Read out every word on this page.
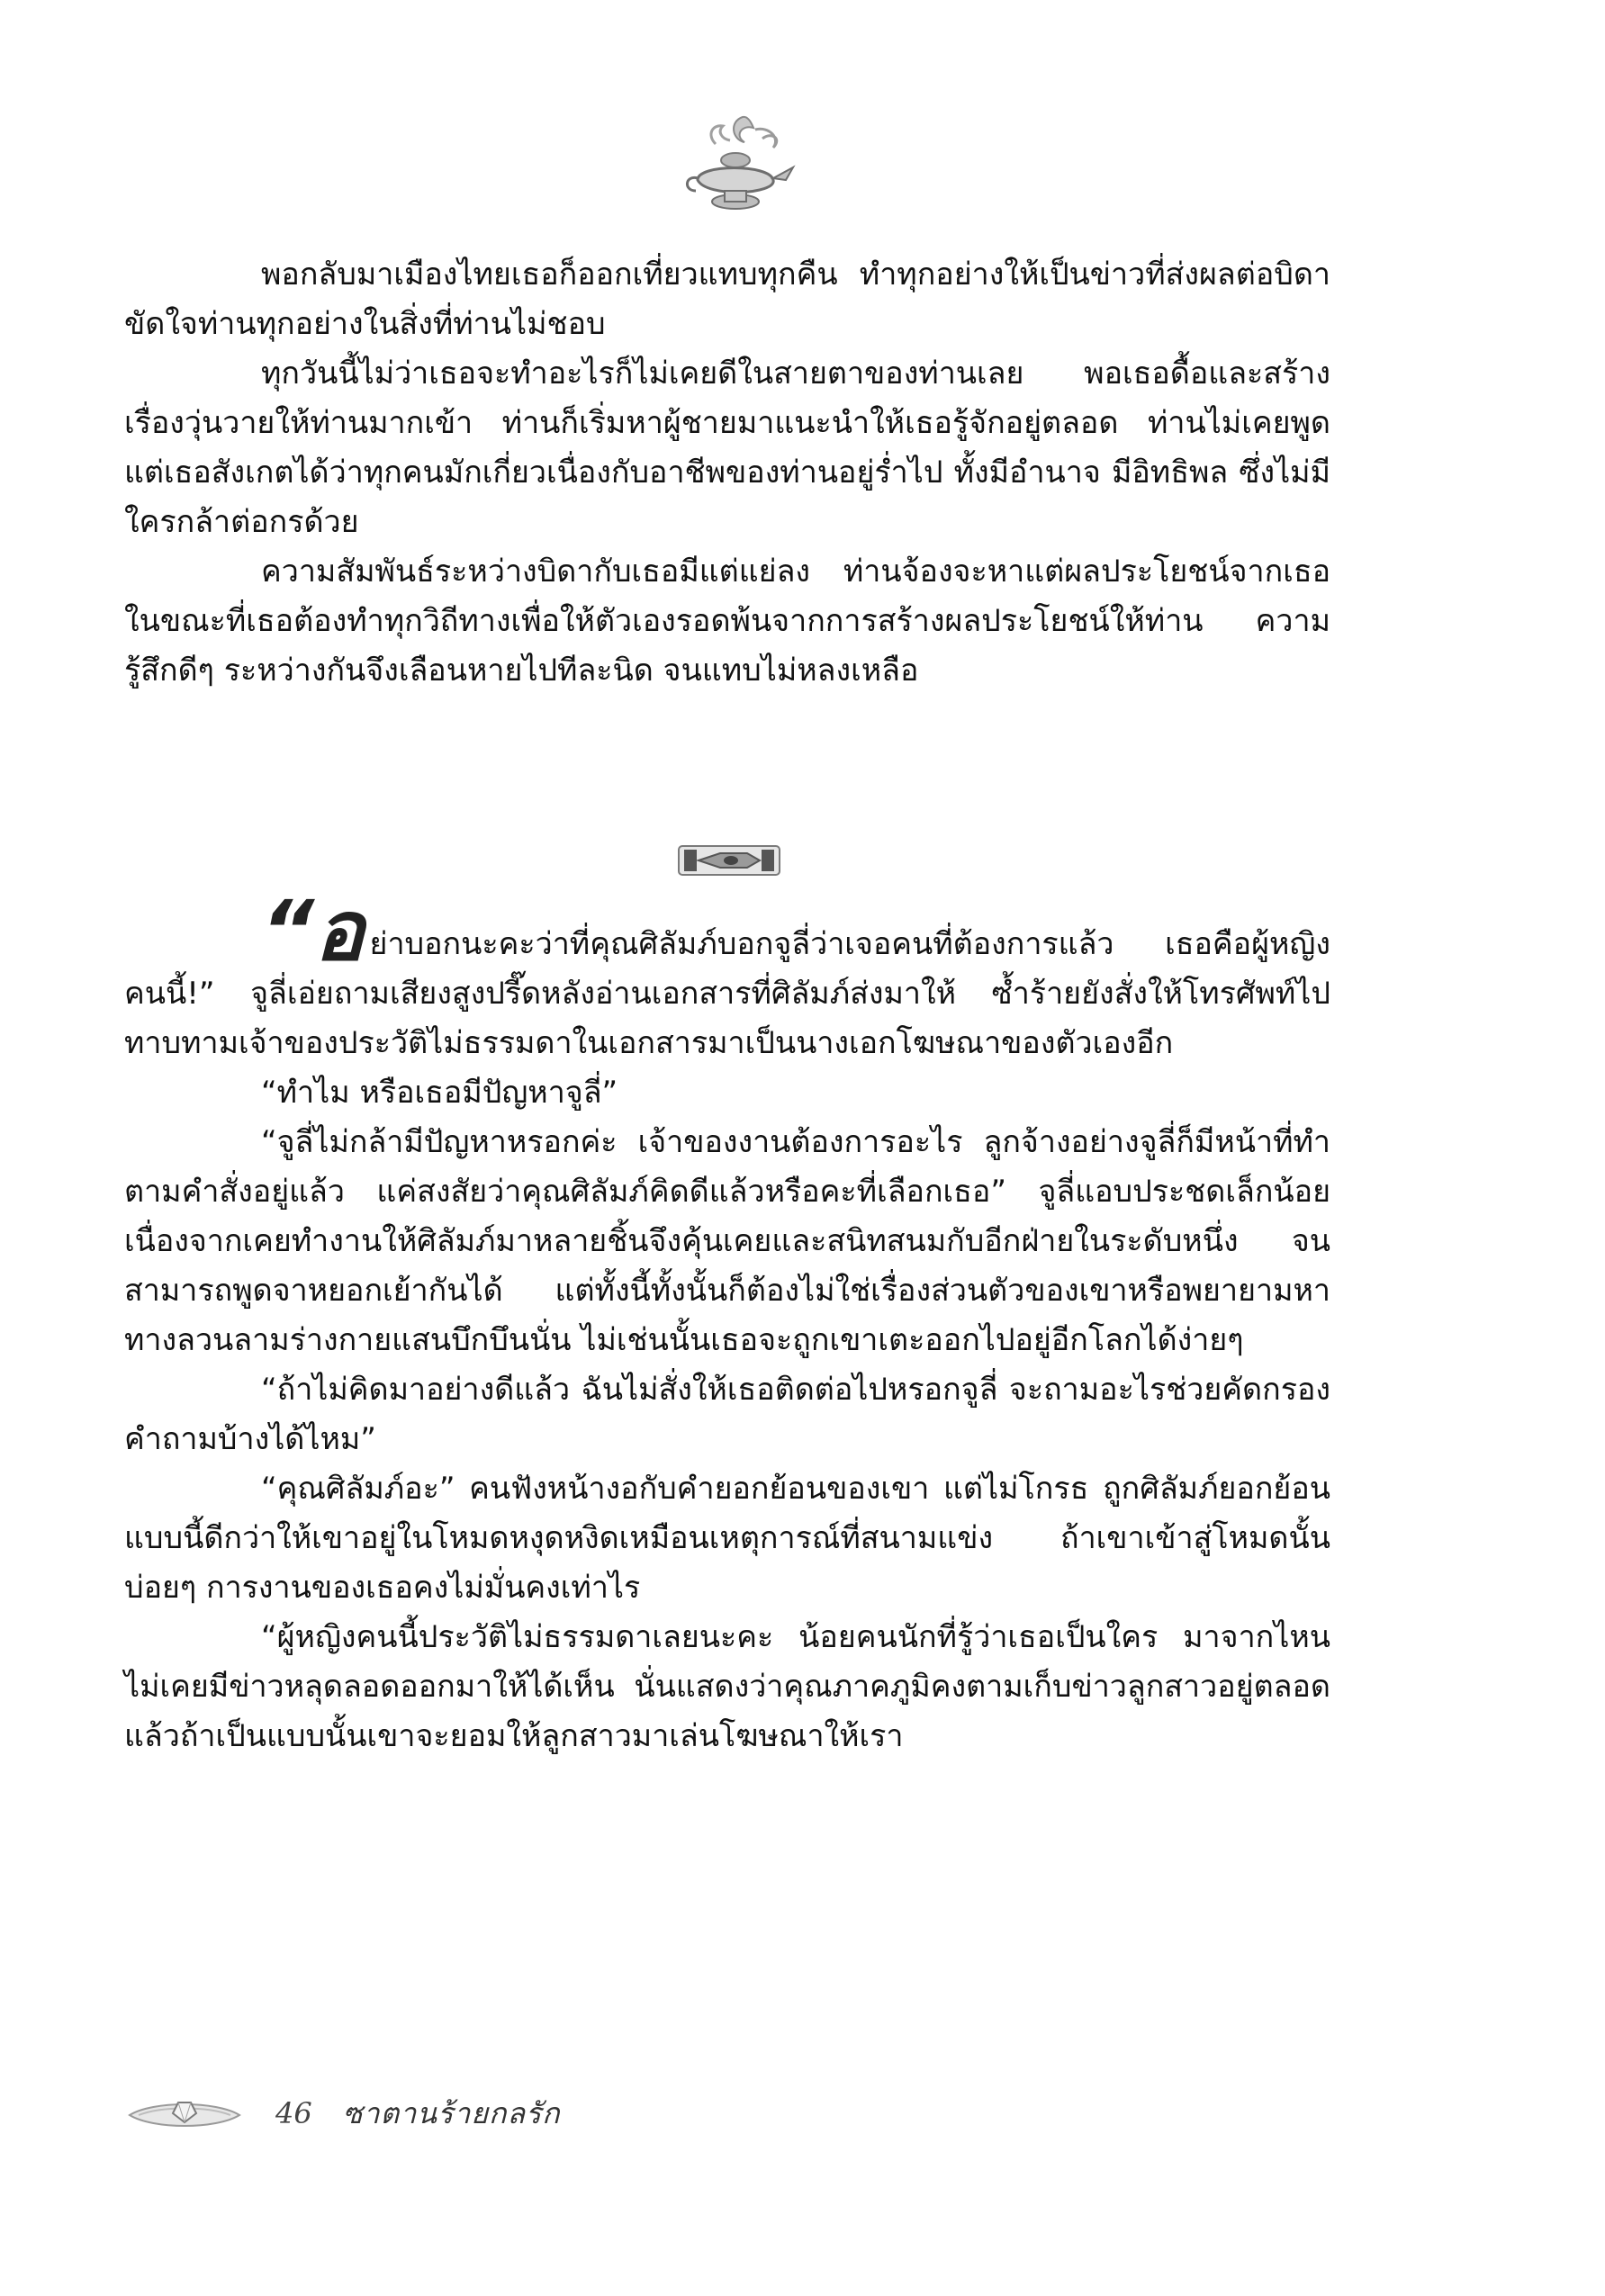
พอกลับมาเมืองไทยเธอก็ออกเที่ยวแทบทุกคืน ทำทุกอย่างให้เป็นข่าวที่ส่งผลต่อบิดา ขัดใจท่านทุกอย่างในสิ่งที่ท่านไม่ชอบ

ทุกวันนี้ไม่ว่าเธอจะทำอะไรก็ไม่เคยดีในสายตาของท่านเลย พอเธอดื้อและสร้างเรื่องวุ่นวายให้ท่านมากเข้า ท่านก็เริ่มหาผู้ชายมาแนะนำให้เธอรู้จักอยู่ตลอด ท่านไม่เคยพูด แต่เธอสังเกตได้ว่าทุกคนมักเกี่ยวเนื่องกับอาชีพของท่านอยู่ร่ำไป ทั้งมีอำนาจ มีอิทธิพล ซึ่งไม่มีใครกล้าต่อกรด้วย

ความสัมพันธ์ระหว่างบิดากับเธอมีแต่แย่ลง ท่านจ้องจะหาแต่ผลประโยชน์จากเธอ ในขณะที่เธอต้องทำทุกวิถีทางเพื่อให้ตัวเองรอดพ้นจากการสร้างผลประโยชน์ให้ท่าน ความรู้สึกดีๆ ระหว่างกันจึงเลือนหายไปทีละนิด จนแทบไม่หลงเหลือ

“อย่าบอกนะคะว่าที่คุณศิลัมภ์บอกจูลี่ว่าเจอคนที่ต้องการแล้ว เธอคือผู้หญิงคนนี้!” จูลี่เอ่ยถามเสียงสูงปรี๊ดหลังอ่านเอกสารที่ศิลัมภ์ส่งมาให้ ซ้ำร้ายยังสั่งให้โทรศัพท์ไปทาบทามเจ้าของประวัติไม่ธรรมดาในเอกสารมาเป็นนางเอกโฆษณาของตัวเองอีก

“ทำไม หรือเธอมีปัญหาจูลี่”

“จูลี่ไม่กล้ามีปัญหาหรอกค่ะ เจ้าของงานต้องการอะไร ลูกจ้างอย่างจูลี่ก็มีหน้าที่ทำตามคำสั่งอยู่แล้ว แค่สงสัยว่าคุณศิลัมภ์คิดดีแล้วหรือคะที่เลือกเธอ” จูลี่แอบประชดเล็กน้อย เนื่องจากเคยทำงานให้ศิลัมภ์มาหลายชิ้นจึงคุ้นเคยและสนิทสนมกับอีกฝ่ายในระดับหนึ่ง จนสามารถพูดจาหยอกเย้ากันได้ แต่ทั้งนี้ทั้งนั้นก็ต้องไม่ใช่เรื่องส่วนตัวของเขาหรือพยายามหาทางลวนลามร่างกายแสนบึกบึนนั่น ไม่เช่นนั้นเธอจะถูกเขาเตะออกไปอยู่อีกโลกได้ง่ายๆ

“ถ้าไม่คิดมาอย่างดีแล้ว ฉันไม่สั่งให้เธอติดต่อไปหรอกจูลี่ จะถามอะไรช่วยคัดกรองคำถามบ้างได้ไหม”

“คุณศิลัมภ์อะ” คนฟังหน้างอกับคำยอกย้อนของเขา แต่ไม่โกรธ ถูกศิลัมภ์ยอกย้อนแบบนี้ดีกว่าให้เขาอยู่ในโหมดหงุดหงิดเหมือนเหตุการณ์ที่สนามแข่ง ถ้าเขาเข้าสู่โหมดนั้นบ่อยๆ การงานของเธอคงไม่มั่นคงเท่าไร

“ผู้หญิงคนนี้ประวัติไม่ธรรมดาเลยนะคะ น้อยคนนักที่รู้ว่าเธอเป็นใคร มาจากไหน ไม่เคยมีข่าวหลุดลอดออกมาให้ได้เห็น นั่นแสดงว่าคุณภาคภูมิคงตามเก็บข่าวลูกสาวอยู่ตลอด แล้วถ้าเป็นแบบนั้นเขาจะยอมให้ลูกสาวมาเล่นโฆษณาให้เรา

46 ซาตานร้ายกลรัก
